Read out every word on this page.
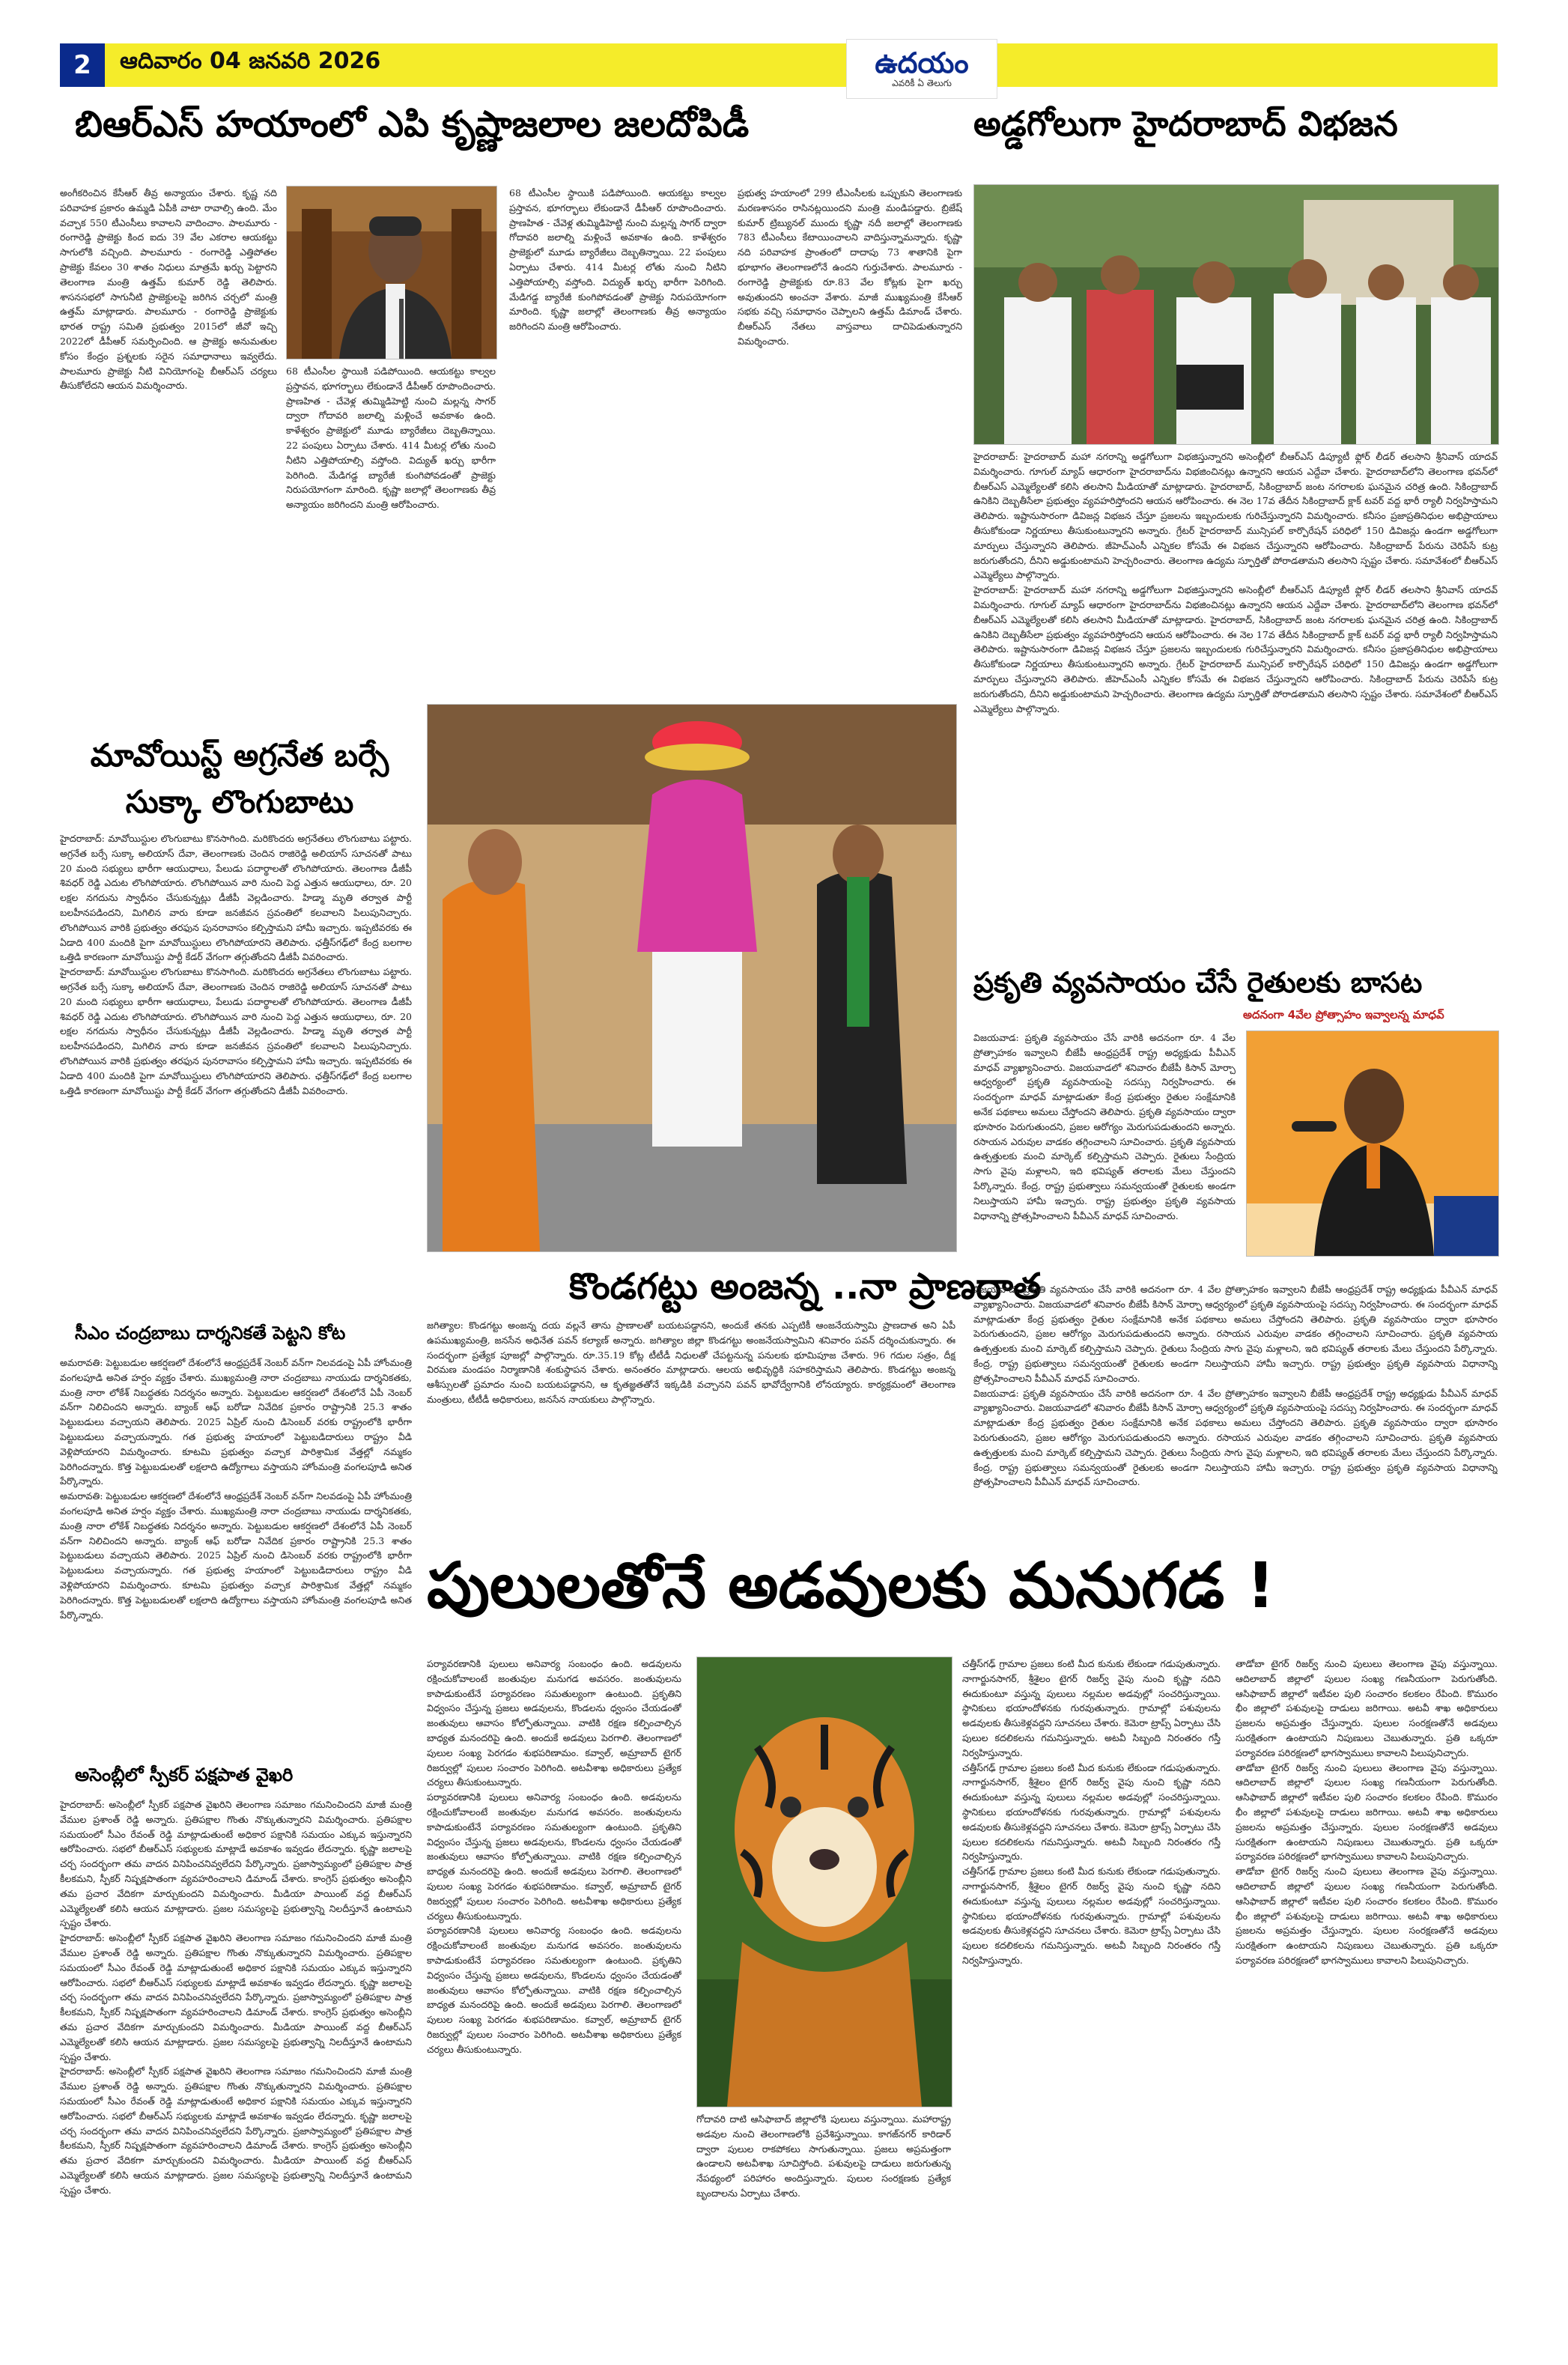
2	ఆదివారం 04 జనవరి 2026	ఉదయం
ఎవరికీ ఏ తెలుగు
బిఆర్ఎస్ హయాంలో ఎపి కృష్ణాజలాల జలదోపిడీ

అంగీకరించిన కేసీఆర్ తీవ్ర అన్యాయం చేశారు. కృష్ణ నది పరివాహక ప్రకారం ఉమ్మడి ఏపీకి వాటా రావాల్సి ఉంది. మేం వచ్చాక 550 టీఎంసీలు కావాలని వాదించాం. పాలమూరు - రంగారెడ్డి ప్రాజెక్టు కింద ఐదు 39 వేల ఎకరాల ఆయకట్టు సాగులోకి వచ్చింది. పాలమూరు - రంగారెడ్డి ఎత్తిపోతల ప్రాజెక్టు కేవలం 30 శాతం నిధులు మాత్రమే ఖర్చు పెట్టారని తెలంగాణ మంత్రి ఉత్తమ్ కుమార్ రెడ్డి తెలిపారు. శాసనసభలో సాగునీటి ప్రాజెక్టులపై జరిగిన చర్చలో మంత్రి ఉత్తమ్ మాట్లాడారు. పాలమూరు - రంగారెడ్డి ప్రాజెక్టుకు భారత రాష్ట్ర సమితి ప్రభుత్వం 2015లో జీవో ఇచ్చి 2022లో డీపీఆర్ సమర్పించింది. ఆ ప్రాజెక్టు అనుమతుల కోసం కేంద్రం ప్రశ్నలకు సరైన సమాధానాలు ఇవ్వలేదు. పాలమూరు ప్రాజెక్టు నీటి వినియోగంపై బీఆర్ఎస్ చర్యలు తీసుకోలేదని ఆయన విమర్శించారు.

68 టీఎంసీల స్థాయికి పడిపోయింది. ఆయకట్టు కాల్వల ప్రస్తావన, భూగర్భాలు లేకుండానే డీపీఆర్ రూపొందించారు. ప్రాణహిత - చేవెళ్ల తుమ్మిడిహెట్టి నుంచి మల్లన్న సాగర్ ద్వారా గోదావరి జలాల్ని మళ్లించే అవకాశం ఉంది. కాళేశ్వరం ప్రాజెక్టులో మూడు బ్యారేజీలు దెబ్బతిన్నాయి. 22 పంపులు ఏర్పాటు చేశారు. 414 మీటర్ల లోతు నుంచి నీటిని ఎత్తిపోయాల్సి వస్తోంది. విద్యుత్ ఖర్చు భారీగా పెరిగింది. మేడిగడ్డ బ్యారేజీ కుంగిపోవడంతో ప్రాజెక్టు నిరుపయోగంగా మారింది. కృష్ణా జలాల్లో తెలంగాణకు తీవ్ర అన్యాయం జరిగిందని మంత్రి ఆరోపించారు.

68 టీఎంసీల స్థాయికి పడిపోయింది. ఆయకట్టు కాల్వల ప్రస్తావన, భూగర్భాలు లేకుండానే డీపీఆర్ రూపొందించారు. ప్రాణహిత - చేవెళ్ల తుమ్మిడిహెట్టి నుంచి మల్లన్న సాగర్ ద్వారా గోదావరి జలాల్ని మళ్లించే అవకాశం ఉంది. కాళేశ్వరం ప్రాజెక్టులో మూడు బ్యారేజీలు దెబ్బతిన్నాయి. 22 పంపులు ఏర్పాటు చేశారు. 414 మీటర్ల లోతు నుంచి నీటిని ఎత్తిపోయాల్సి వస్తోంది. విద్యుత్ ఖర్చు భారీగా పెరిగింది. మేడిగడ్డ బ్యారేజీ కుంగిపోవడంతో ప్రాజెక్టు నిరుపయోగంగా మారింది. కృష్ణా జలాల్లో తెలంగాణకు తీవ్ర అన్యాయం జరిగిందని మంత్రి ఆరోపించారు.

ప్రభుత్వ హయాంలో 299 టీఎంసీలకు ఒప్పుకుని తెలంగాణకు మరణశాసనం రాసినట్లయిందని మంత్రి మండిపడ్డారు. బ్రిజేష్ కుమార్ ట్రిబ్యునల్ ముందు కృష్ణా నదీ జలాల్లో తెలంగాణకు 783 టీఎంసీలు కేటాయించాలని వాదిస్తున్నామన్నారు. కృష్ణా నది పరివాహక ప్రాంతంలో దాదాపు 73 శాతానికి పైగా భూభాగం తెలంగాణలోనే ఉందని గుర్తుచేశారు. పాలమూరు - రంగారెడ్డి ప్రాజెక్టుకు రూ.83 వేల కోట్లకు పైగా ఖర్చు అవుతుందని అంచనా వేశారు. మాజీ ముఖ్యమంత్రి కేసీఆర్ సభకు వచ్చి సమాధానం చెప్పాలని ఉత్తమ్ డిమాండ్ చేశారు. బీఆర్ఎస్ నేతలు వాస్తవాలు దాచిపెడుతున్నారని విమర్శించారు.

అడ్డగోలుగా హైదరాబాద్ విభజన

హైదరాబాద్: హైదరాబాద్ మహా నగరాన్ని అడ్డగోలుగా విభజిస్తున్నారని అసెంబ్లీలో బీఆర్ఎస్ డిప్యూటీ ఫ్లోర్ లీడర్ తలసాని శ్రీనివాస్ యాదవ్ విమర్శించారు. గూగుల్ మ్యాప్ ఆధారంగా హైదరాబాద్‌ను విభజించినట్లు ఉన్నారని ఆయన ఎద్దేవా చేశారు. హైదరాబాద్‌లోని తెలంగాణ భవన్‌లో బీఆర్ఎస్ ఎమ్మెల్యేలతో కలిసి తలసాని మీడియాతో మాట్లాడారు. హైదరాబాద్, సికింద్రాబాద్ జంట నగరాలకు ఘనమైన చరిత్ర ఉంది. సికింద్రాబాద్ ఉనికిని దెబ్బతీసేలా ప్రభుత్వం వ్యవహరిస్తోందని ఆయన ఆరోపించారు. ఈ నెల 17వ తేదీన సికింద్రాబాద్ క్లాక్ టవర్ వద్ద భారీ ర్యాలీ నిర్వహిస్తామని తెలిపారు. ఇష్టానుసారంగా డివిజన్ల విభజన చేస్తూ ప్రజలను ఇబ్బందులకు గురిచేస్తున్నారని విమర్శించారు. కనీసం ప్రజాప్రతినిధుల అభిప్రాయాలు తీసుకోకుండా నిర్ణయాలు తీసుకుంటున్నారని అన్నారు. గ్రేటర్ హైదరాబాద్ మున్సిపల్ కార్పొరేషన్ పరిధిలో 150 డివిజన్లు ఉండగా అడ్డగోలుగా మార్పులు చేస్తున్నారని తెలిపారు. జీహెచ్ఎంసీ ఎన్నికల కోసమే ఈ విభజన చేస్తున్నారని ఆరోపించారు. సికింద్రాబాద్ పేరును చెరిపేసే కుట్ర జరుగుతోందని, దీనిని అడ్డుకుంటామని హెచ్చరించారు. తెలంగాణ ఉద్యమ స్ఫూర్తితో పోరాడతామని తలసాని స్పష్టం చేశారు. సమావేశంలో బీఆర్ఎస్ ఎమ్మెల్యేలు పాల్గొన్నారు.

హైదరాబాద్: హైదరాబాద్ మహా నగరాన్ని అడ్డగోలుగా విభజిస్తున్నారని అసెంబ్లీలో బీఆర్ఎస్ డిప్యూటీ ఫ్లోర్ లీడర్ తలసాని శ్రీనివాస్ యాదవ్ విమర్శించారు. గూగుల్ మ్యాప్ ఆధారంగా హైదరాబాద్‌ను విభజించినట్లు ఉన్నారని ఆయన ఎద్దేవా చేశారు. హైదరాబాద్‌లోని తెలంగాణ భవన్‌లో బీఆర్ఎస్ ఎమ్మెల్యేలతో కలిసి తలసాని మీడియాతో మాట్లాడారు. హైదరాబాద్, సికింద్రాబాద్ జంట నగరాలకు ఘనమైన చరిత్ర ఉంది. సికింద్రాబాద్ ఉనికిని దెబ్బతీసేలా ప్రభుత్వం వ్యవహరిస్తోందని ఆయన ఆరోపించారు. ఈ నెల 17వ తేదీన సికింద్రాబాద్ క్లాక్ టవర్ వద్ద భారీ ర్యాలీ నిర్వహిస్తామని తెలిపారు. ఇష్టానుసారంగా డివిజన్ల విభజన చేస్తూ ప్రజలను ఇబ్బందులకు గురిచేస్తున్నారని విమర్శించారు. కనీసం ప్రజాప్రతినిధుల అభిప్రాయాలు తీసుకోకుండా నిర్ణయాలు తీసుకుంటున్నారని అన్నారు. గ్రేటర్ హైదరాబాద్ మున్సిపల్ కార్పొరేషన్ పరిధిలో 150 డివిజన్లు ఉండగా అడ్డగోలుగా మార్పులు చేస్తున్నారని తెలిపారు. జీహెచ్ఎంసీ ఎన్నికల కోసమే ఈ విభజన చేస్తున్నారని ఆరోపించారు. సికింద్రాబాద్ పేరును చెరిపేసే కుట్ర జరుగుతోందని, దీనిని అడ్డుకుంటామని హెచ్చరించారు. తెలంగాణ ఉద్యమ స్ఫూర్తితో పోరాడతామని తలసాని స్పష్టం చేశారు. సమావేశంలో బీఆర్ఎస్ ఎమ్మెల్యేలు పాల్గొన్నారు.

మావోయిస్ట్ అగ్రనేత బర్సే సుక్కా లొంగుబాటు

హైదరాబాద్: మావోయిస్టుల లొంగుబాటు కొనసాగింది. మరికొందరు అగ్రనేతలు లొంగుబాటు పట్టారు. అగ్రనేత బర్సే సుక్కా అలియాస్ దేవా, తెలంగాణకు చెందిన రాజిరెడ్డి అలియాస్ సూచనతో పాటు 20 మంది సభ్యులు భారీగా ఆయుధాలు, పేలుడు పదార్థాలతో లొంగిపోయారు. తెలంగాణ డీజీపీ శివధర్ రెడ్డి ఎదుట లొంగిపోయారు. లొంగిపోయిన వారి నుంచి పెద్ద ఎత్తున ఆయుధాలు, రూ. 20 లక్షల నగదును స్వాధీనం చేసుకున్నట్లు డీజీపీ వెల్లడించారు. హిడ్మా మృతి తర్వాత పార్టీ బలహీనపడిందని, మిగిలిన వారు కూడా జనజీవన స్రవంతిలో కలవాలని పిలుపునిచ్చారు. లొంగిపోయిన వారికి ప్రభుత్వం తరఫున పునరావాసం కల్పిస్తామని హామీ ఇచ్చారు. ఇప్పటివరకు ఈ ఏడాది 400 మందికి పైగా మావోయిస్టులు లొంగిపోయారని తెలిపారు. ఛత్తీస్‌గఢ్‌లో కేంద్ర బలగాల ఒత్తిడి కారణంగా మావోయిస్టు పార్టీ కేడర్ వేగంగా తగ్గుతోందని డీజీపీ వివరించారు.

హైదరాబాద్: మావోయిస్టుల లొంగుబాటు కొనసాగింది. మరికొందరు అగ్రనేతలు లొంగుబాటు పట్టారు. అగ్రనేత బర్సే సుక్కా అలియాస్ దేవా, తెలంగాణకు చెందిన రాజిరెడ్డి అలియాస్ సూచనతో పాటు 20 మంది సభ్యులు భారీగా ఆయుధాలు, పేలుడు పదార్థాలతో లొంగిపోయారు. తెలంగాణ డీజీపీ శివధర్ రెడ్డి ఎదుట లొంగిపోయారు. లొంగిపోయిన వారి నుంచి పెద్ద ఎత్తున ఆయుధాలు, రూ. 20 లక్షల నగదును స్వాధీనం చేసుకున్నట్లు డీజీపీ వెల్లడించారు. హిడ్మా మృతి తర్వాత పార్టీ బలహీనపడిందని, మిగిలిన వారు కూడా జనజీవన స్రవంతిలో కలవాలని పిలుపునిచ్చారు. లొంగిపోయిన వారికి ప్రభుత్వం తరఫున పునరావాసం కల్పిస్తామని హామీ ఇచ్చారు. ఇప్పటివరకు ఈ ఏడాది 400 మందికి పైగా మావోయిస్టులు లొంగిపోయారని తెలిపారు. ఛత్తీస్‌గఢ్‌లో కేంద్ర బలగాల ఒత్తిడి కారణంగా మావోయిస్టు పార్టీ కేడర్ వేగంగా తగ్గుతోందని డీజీపీ వివరించారు.

కొండగట్టు అంజన్న ..నా ప్రాణదాత

జగిత్యాల: కొండగట్టు అంజన్న దయ వల్లనే తాను ప్రాణాలతో బయటపడ్డానని, అందుకే తనకు ఎప్పటికీ ఆంజనేయస్వామి ప్రాణదాత అని ఏపీ ఉపముఖ్యమంత్రి, జనసేన అధినేత పవన్ కల్యాణ్ అన్నారు. జగిత్యాల జిల్లా కొండగట్టు అంజనేయస్వామిని శనివారం పవన్ దర్శించుకున్నారు. ఈ సందర్భంగా ప్రత్యేక పూజల్లో పాల్గొన్నారు. రూ.35.19 కోట్ల టీటీడీ నిధులతో చేపట్టనున్న పనులకు భూమిపూజ చేశారు. 96 గదుల సత్రం, దీక్ష విరమణ మండపం నిర్మాణానికి శంకుస్థాపన చేశారు. అనంతరం మాట్లాడారు. ఆలయ అభివృద్ధికి సహకరిస్తామని తెలిపారు. కొండగట్టు అంజన్న ఆశీస్సులతో ప్రమాదం నుంచి బయటపడ్డానని, ఆ కృతజ్ఞతతోనే ఇక్కడికి వచ్చానని పవన్ భావోద్వేగానికి లోనయ్యారు. కార్యక్రమంలో తెలంగాణ మంత్రులు, టీటీడీ అధికారులు, జనసేన నాయకులు పాల్గొన్నారు.

ప్రకృతి వ్యవసాయం చేసే రైతులకు బాసట
అదనంగా 4వేల ప్రోత్సాహం ఇవ్వాలన్న మాధవ్

విజయవాడ: ప్రకృతి వ్యవసాయం చేసే వారికి అదనంగా రూ. 4 వేల ప్రోత్సాహకం ఇవ్వాలని బీజేపీ ఆంధ్రప్రదేశ్ రాష్ట్ర అధ్యక్షుడు పీవీఎన్ మాధవ్ వ్యాఖ్యానించారు. విజయవాడలో శనివారం బీజేపీ కిసాన్ మోర్చా ఆధ్వర్యంలో ప్రకృతి వ్యవసాయంపై సదస్సు నిర్వహించారు. ఈ సందర్భంగా మాధవ్ మాట్లాడుతూ కేంద్ర ప్రభుత్వం రైతుల సంక్షేమానికి అనేక పథకాలు అమలు చేస్తోందని తెలిపారు. ప్రకృతి వ్యవసాయం ద్వారా భూసారం పెరుగుతుందని, ప్రజల ఆరోగ్యం మెరుగుపడుతుందని అన్నారు. రసాయన ఎరువుల వాడకం తగ్గించాలని సూచించారు. ప్రకృతి వ్యవసాయ ఉత్పత్తులకు మంచి మార్కెట్ కల్పిస్తామని చెప్పారు. రైతులు సేంద్రియ సాగు వైపు మళ్లాలని, ఇది భవిష్యత్ తరాలకు మేలు చేస్తుందని పేర్కొన్నారు. కేంద్ర, రాష్ట్ర ప్రభుత్వాలు సమన్వయంతో రైతులకు అండగా నిలుస్తాయని హామీ ఇచ్చారు. రాష్ట్ర ప్రభుత్వం ప్రకృతి వ్యవసాయ విధానాన్ని ప్రోత్సహించాలని పీవీఎన్ మాధవ్ సూచించారు.

విజయవాడ: ప్రకృతి వ్యవసాయం చేసే వారికి అదనంగా రూ. 4 వేల ప్రోత్సాహకం ఇవ్వాలని బీజేపీ ఆంధ్రప్రదేశ్ రాష్ట్ర అధ్యక్షుడు పీవీఎన్ మాధవ్ వ్యాఖ్యానించారు. విజయవాడలో శనివారం బీజేపీ కిసాన్ మోర్చా ఆధ్వర్యంలో ప్రకృతి వ్యవసాయంపై సదస్సు నిర్వహించారు. ఈ సందర్భంగా మాధవ్ మాట్లాడుతూ కేంద్ర ప్రభుత్వం రైతుల సంక్షేమానికి అనేక పథకాలు అమలు చేస్తోందని తెలిపారు. ప్రకృతి వ్యవసాయం ద్వారా భూసారం పెరుగుతుందని, ప్రజల ఆరోగ్యం మెరుగుపడుతుందని అన్నారు. రసాయన ఎరువుల వాడకం తగ్గించాలని సూచించారు. ప్రకృతి వ్యవసాయ ఉత్పత్తులకు మంచి మార్కెట్ కల్పిస్తామని చెప్పారు. రైతులు సేంద్రియ సాగు వైపు మళ్లాలని, ఇది భవిష్యత్ తరాలకు మేలు చేస్తుందని పేర్కొన్నారు. కేంద్ర, రాష్ట్ర ప్రభుత్వాలు సమన్వయంతో రైతులకు అండగా నిలుస్తాయని హామీ ఇచ్చారు. రాష్ట్ర ప్రభుత్వం ప్రకృతి వ్యవసాయ విధానాన్ని ప్రోత్సహించాలని పీవీఎన్ మాధవ్ సూచించారు.

విజయవాడ: ప్రకృతి వ్యవసాయం చేసే వారికి అదనంగా రూ. 4 వేల ప్రోత్సాహకం ఇవ్వాలని బీజేపీ ఆంధ్రప్రదేశ్ రాష్ట్ర అధ్యక్షుడు పీవీఎన్ మాధవ్ వ్యాఖ్యానించారు. విజయవాడలో శనివారం బీజేపీ కిసాన్ మోర్చా ఆధ్వర్యంలో ప్రకృతి వ్యవసాయంపై సదస్సు నిర్వహించారు. ఈ సందర్భంగా మాధవ్ మాట్లాడుతూ కేంద్ర ప్రభుత్వం రైతుల సంక్షేమానికి అనేక పథకాలు అమలు చేస్తోందని తెలిపారు. ప్రకృతి వ్యవసాయం ద్వారా భూసారం పెరుగుతుందని, ప్రజల ఆరోగ్యం మెరుగుపడుతుందని అన్నారు. రసాయన ఎరువుల వాడకం తగ్గించాలని సూచించారు. ప్రకృతి వ్యవసాయ ఉత్పత్తులకు మంచి మార్కెట్ కల్పిస్తామని చెప్పారు. రైతులు సేంద్రియ సాగు వైపు మళ్లాలని, ఇది భవిష్యత్ తరాలకు మేలు చేస్తుందని పేర్కొన్నారు. కేంద్ర, రాష్ట్ర ప్రభుత్వాలు సమన్వయంతో రైతులకు అండగా నిలుస్తాయని హామీ ఇచ్చారు. రాష్ట్ర ప్రభుత్వం ప్రకృతి వ్యవసాయ విధానాన్ని ప్రోత్సహించాలని పీవీఎన్ మాధవ్ సూచించారు.

సీఎం చంద్రబాబు దార్శనికతే పెట్టని కోట

అమరావతి: పెట్టుబడుల ఆకర్షణలో దేశంలోనే ఆంధ్రప్రదేశ్ నెంబర్ వన్‌గా నిలవడంపై ఏపీ హోంమంత్రి వంగలపూడి అనిత హర్షం వ్యక్తం చేశారు. ముఖ్యమంత్రి నారా చంద్రబాబు నాయుడు దార్శనికతకు, మంత్రి నారా లోకేశ్ నిబద్ధతకు నిదర్శనం అన్నారు. పెట్టుబడుల ఆకర్షణలో దేశంలోనే ఏపీ నెంబర్ వన్‌గా నిలిచిందని అన్నారు. బ్యాంక్ ఆఫ్ బరోడా నివేదిక ప్రకారం రాష్ట్రానికి 25.3 శాతం పెట్టుబడులు వచ్చాయని తెలిపారు. 2025 ఏప్రిల్ నుంచి డిసెంబర్ వరకు రాష్ట్రంలోకి భారీగా పెట్టుబడులు వచ్చాయన్నారు. గత ప్రభుత్వ హయాంలో పెట్టుబడిదారులు రాష్ట్రం వీడి వెళ్లిపోయారని విమర్శించారు. కూటమి ప్రభుత్వం వచ్చాక పారిశ్రామిక వేత్తల్లో నమ్మకం పెరిగిందన్నారు. కొత్త పెట్టుబడులతో లక్షలాది ఉద్యోగాలు వస్తాయని హోంమంత్రి వంగలపూడి అనిత పేర్కొన్నారు.

అమరావతి: పెట్టుబడుల ఆకర్షణలో దేశంలోనే ఆంధ్రప్రదేశ్ నెంబర్ వన్‌గా నిలవడంపై ఏపీ హోంమంత్రి వంగలపూడి అనిత హర్షం వ్యక్తం చేశారు. ముఖ్యమంత్రి నారా చంద్రబాబు నాయుడు దార్శనికతకు, మంత్రి నారా లోకేశ్ నిబద్ధతకు నిదర్శనం అన్నారు. పెట్టుబడుల ఆకర్షణలో దేశంలోనే ఏపీ నెంబర్ వన్‌గా నిలిచిందని అన్నారు. బ్యాంక్ ఆఫ్ బరోడా నివేదిక ప్రకారం రాష్ట్రానికి 25.3 శాతం పెట్టుబడులు వచ్చాయని తెలిపారు. 2025 ఏప్రిల్ నుంచి డిసెంబర్ వరకు రాష్ట్రంలోకి భారీగా పెట్టుబడులు వచ్చాయన్నారు. గత ప్రభుత్వ హయాంలో పెట్టుబడిదారులు రాష్ట్రం వీడి వెళ్లిపోయారని విమర్శించారు. కూటమి ప్రభుత్వం వచ్చాక పారిశ్రామిక వేత్తల్లో నమ్మకం పెరిగిందన్నారు. కొత్త పెట్టుబడులతో లక్షలాది ఉద్యోగాలు వస్తాయని హోంమంత్రి వంగలపూడి అనిత పేర్కొన్నారు.

అసెంబ్లీలో స్పీకర్ పక్షపాత వైఖరి

హైదరాబాద్: అసెంబ్లీలో స్పీకర్ పక్షపాత వైఖరిని తెలంగాణ సమాజం గమనించిందని మాజీ మంత్రి వేముల ప్రశాంత్ రెడ్డి అన్నారు. ప్రతిపక్షాల గొంతు నొక్కుతున్నారని విమర్శించారు. ప్రతిపక్షాల సమయంలో సీఎం రేవంత్ రెడ్డి మాట్లాడుతుంటే అధికార పక్షానికి సమయం ఎక్కువ ఇస్తున్నారని ఆరోపించారు. సభలో బీఆర్ఎస్ సభ్యులకు మాట్లాడే అవకాశం ఇవ్వడం లేదన్నారు. కృష్ణా జలాలపై చర్చ సందర్భంగా తమ వాదన వినిపించనివ్వలేదని పేర్కొన్నారు. ప్రజాస్వామ్యంలో ప్రతిపక్షాల పాత్ర కీలకమని, స్పీకర్ నిష్పక్షపాతంగా వ్యవహరించాలని డిమాండ్ చేశారు. కాంగ్రెస్ ప్రభుత్వం అసెంబ్లీని తమ ప్రచార వేదికగా మార్చుకుందని విమర్శించారు. మీడియా పాయింట్ వద్ద బీఆర్ఎస్ ఎమ్మెల్యేలతో కలిసి ఆయన మాట్లాడారు. ప్రజల సమస్యలపై ప్రభుత్వాన్ని నిలదీస్తూనే ఉంటామని స్పష్టం చేశారు.

హైదరాబాద్: అసెంబ్లీలో స్పీకర్ పక్షపాత వైఖరిని తెలంగాణ సమాజం గమనించిందని మాజీ మంత్రి వేముల ప్రశాంత్ రెడ్డి అన్నారు. ప్రతిపక్షాల గొంతు నొక్కుతున్నారని విమర్శించారు. ప్రతిపక్షాల సమయంలో సీఎం రేవంత్ రెడ్డి మాట్లాడుతుంటే అధికార పక్షానికి సమయం ఎక్కువ ఇస్తున్నారని ఆరోపించారు. సభలో బీఆర్ఎస్ సభ్యులకు మాట్లాడే అవకాశం ఇవ్వడం లేదన్నారు. కృష్ణా జలాలపై చర్చ సందర్భంగా తమ వాదన వినిపించనివ్వలేదని పేర్కొన్నారు. ప్రజాస్వామ్యంలో ప్రతిపక్షాల పాత్ర కీలకమని, స్పీకర్ నిష్పక్షపాతంగా వ్యవహరించాలని డిమాండ్ చేశారు. కాంగ్రెస్ ప్రభుత్వం అసెంబ్లీని తమ ప్రచార వేదికగా మార్చుకుందని విమర్శించారు. మీడియా పాయింట్ వద్ద బీఆర్ఎస్ ఎమ్మెల్యేలతో కలిసి ఆయన మాట్లాడారు. ప్రజల సమస్యలపై ప్రభుత్వాన్ని నిలదీస్తూనే ఉంటామని స్పష్టం చేశారు.

హైదరాబాద్: అసెంబ్లీలో స్పీకర్ పక్షపాత వైఖరిని తెలంగాణ సమాజం గమనించిందని మాజీ మంత్రి వేముల ప్రశాంత్ రెడ్డి అన్నారు. ప్రతిపక్షాల గొంతు నొక్కుతున్నారని విమర్శించారు. ప్రతిపక్షాల సమయంలో సీఎం రేవంత్ రెడ్డి మాట్లాడుతుంటే అధికార పక్షానికి సమయం ఎక్కువ ఇస్తున్నారని ఆరోపించారు. సభలో బీఆర్ఎస్ సభ్యులకు మాట్లాడే అవకాశం ఇవ్వడం లేదన్నారు. కృష్ణా జలాలపై చర్చ సందర్భంగా తమ వాదన వినిపించనివ్వలేదని పేర్కొన్నారు. ప్రజాస్వామ్యంలో ప్రతిపక్షాల పాత్ర కీలకమని, స్పీకర్ నిష్పక్షపాతంగా వ్యవహరించాలని డిమాండ్ చేశారు. కాంగ్రెస్ ప్రభుత్వం అసెంబ్లీని తమ ప్రచార వేదికగా మార్చుకుందని విమర్శించారు. మీడియా పాయింట్ వద్ద బీఆర్ఎస్ ఎమ్మెల్యేలతో కలిసి ఆయన మాట్లాడారు. ప్రజల సమస్యలపై ప్రభుత్వాన్ని నిలదీస్తూనే ఉంటామని స్పష్టం చేశారు.

పులులతోనే అడవులకు మనుగడ !

పర్యావరణానికి పులులు అనివార్య సంబంధం ఉంది. అడవులను రక్షించుకోవాలంటే జంతువుల మనుగడ అవసరం. జంతువులను కాపాడుకుంటేనే పర్యావరణం సమతుల్యంగా ఉంటుంది. ప్రకృతిని విధ్వంసం చేస్తున్న ప్రజలు అడవులను, కొండలను ధ్వంసం చేయడంతో జంతువులు ఆవాసం కోల్పోతున్నాయి. వాటికి రక్షణ కల్పించాల్సిన బాధ్యత మనందరిపై ఉంది. అందుకే అడవులు పెరగాలి. తెలంగాణలో పులుల సంఖ్య పెరగడం శుభపరిణామం. కవ్వాల్, అమ్రాబాద్ టైగర్ రిజర్వుల్లో పులుల సంచారం పెరిగింది. అటవీశాఖ అధికారులు ప్రత్యేక చర్యలు తీసుకుంటున్నారు.

పర్యావరణానికి పులులు అనివార్య సంబంధం ఉంది. అడవులను రక్షించుకోవాలంటే జంతువుల మనుగడ అవసరం. జంతువులను కాపాడుకుంటేనే పర్యావరణం సమతుల్యంగా ఉంటుంది. ప్రకృతిని విధ్వంసం చేస్తున్న ప్రజలు అడవులను, కొండలను ధ్వంసం చేయడంతో జంతువులు ఆవాసం కోల్పోతున్నాయి. వాటికి రక్షణ కల్పించాల్సిన బాధ్యత మనందరిపై ఉంది. అందుకే అడవులు పెరగాలి. తెలంగాణలో పులుల సంఖ్య పెరగడం శుభపరిణామం. కవ్వాల్, అమ్రాబాద్ టైగర్ రిజర్వుల్లో పులుల సంచారం పెరిగింది. అటవీశాఖ అధికారులు ప్రత్యేక చర్యలు తీసుకుంటున్నారు.

పర్యావరణానికి పులులు అనివార్య సంబంధం ఉంది. అడవులను రక్షించుకోవాలంటే జంతువుల మనుగడ అవసరం. జంతువులను కాపాడుకుంటేనే పర్యావరణం సమతుల్యంగా ఉంటుంది. ప్రకృతిని విధ్వంసం చేస్తున్న ప్రజలు అడవులను, కొండలను ధ్వంసం చేయడంతో జంతువులు ఆవాసం కోల్పోతున్నాయి. వాటికి రక్షణ కల్పించాల్సిన బాధ్యత మనందరిపై ఉంది. అందుకే అడవులు పెరగాలి. తెలంగాణలో పులుల సంఖ్య పెరగడం శుభపరిణామం. కవ్వాల్, అమ్రాబాద్ టైగర్ రిజర్వుల్లో పులుల సంచారం పెరిగింది. అటవీశాఖ అధికారులు ప్రత్యేక చర్యలు తీసుకుంటున్నారు.

గోదావరి దాటి ఆసిఫాబాద్ జిల్లాలోకి పులులు వస్తున్నాయి. మహారాష్ట్ర అడవుల నుంచి తెలంగాణలోకి ప్రవేశిస్తున్నాయి. కాగజ్‌నగర్ కారిడార్ ద్వారా పులుల రాకపోకలు సాగుతున్నాయి. ప్రజలు అప్రమత్తంగా ఉండాలని అటవీశాఖ సూచిస్తోంది. పశువులపై దాడులు జరుగుతున్న నేపథ్యంలో పరిహారం అందిస్తున్నారు. పులుల సంరక్షణకు ప్రత్యేక బృందాలను ఏర్పాటు చేశారు.

చత్తీస్‌గఢ్ గ్రామాల ప్రజలు కంటి మీద కునుకు లేకుండా గడుపుతున్నారు. నాగార్జునసాగర్, శ్రీశైలం టైగర్ రిజర్వ్ వైపు నుంచి కృష్ణా నదిని ఈదుకుంటూ వస్తున్న పులులు నల్లమల అడవుల్లో సంచరిస్తున్నాయి. స్థానికులు భయాందోళనకు గురవుతున్నారు. గ్రామాల్లో పశువులను అడవులకు తీసుకెళ్లవద్దని సూచనలు చేశారు. కెమెరా ట్రాప్స్ ఏర్పాటు చేసి పులుల కదలికలను గమనిస్తున్నారు. అటవీ సిబ్బంది నిరంతరం గస్తీ నిర్వహిస్తున్నారు.

చత్తీస్‌గఢ్ గ్రామాల ప్రజలు కంటి మీద కునుకు లేకుండా గడుపుతున్నారు. నాగార్జునసాగర్, శ్రీశైలం టైగర్ రిజర్వ్ వైపు నుంచి కృష్ణా నదిని ఈదుకుంటూ వస్తున్న పులులు నల్లమల అడవుల్లో సంచరిస్తున్నాయి. స్థానికులు భయాందోళనకు గురవుతున్నారు. గ్రామాల్లో పశువులను అడవులకు తీసుకెళ్లవద్దని సూచనలు చేశారు. కెమెరా ట్రాప్స్ ఏర్పాటు చేసి పులుల కదలికలను గమనిస్తున్నారు. అటవీ సిబ్బంది నిరంతరం గస్తీ నిర్వహిస్తున్నారు.

చత్తీస్‌గఢ్ గ్రామాల ప్రజలు కంటి మీద కునుకు లేకుండా గడుపుతున్నారు. నాగార్జునసాగర్, శ్రీశైలం టైగర్ రిజర్వ్ వైపు నుంచి కృష్ణా నదిని ఈదుకుంటూ వస్తున్న పులులు నల్లమల అడవుల్లో సంచరిస్తున్నాయి. స్థానికులు భయాందోళనకు గురవుతున్నారు. గ్రామాల్లో పశువులను అడవులకు తీసుకెళ్లవద్దని సూచనలు చేశారు. కెమెరా ట్రాప్స్ ఏర్పాటు చేసి పులుల కదలికలను గమనిస్తున్నారు. అటవీ సిబ్బంది నిరంతరం గస్తీ నిర్వహిస్తున్నారు.

తాడోబా టైగర్ రిజర్వ్ నుంచి పులులు తెలంగాణ వైపు వస్తున్నాయి. ఆదిలాబాద్ జిల్లాలో పులుల సంఖ్య గణనీయంగా పెరుగుతోంది. ఆసిఫాబాద్ జిల్లాలో ఇటీవల పులి సంచారం కలకలం రేపింది. కొమురం భీం జిల్లాలో పశువులపై దాడులు జరిగాయి. అటవీ శాఖ అధికారులు ప్రజలను అప్రమత్తం చేస్తున్నారు. పులుల సంరక్షణతోనే అడవులు సురక్షితంగా ఉంటాయని నిపుణులు చెబుతున్నారు. ప్రతి ఒక్కరూ పర్యావరణ పరిరక్షణలో భాగస్వాములు కావాలని పిలుపునిచ్చారు.

తాడోబా టైగర్ రిజర్వ్ నుంచి పులులు తెలంగాణ వైపు వస్తున్నాయి. ఆదిలాబాద్ జిల్లాలో పులుల సంఖ్య గణనీయంగా పెరుగుతోంది. ఆసిఫాబాద్ జిల్లాలో ఇటీవల పులి సంచారం కలకలం రేపింది. కొమురం భీం జిల్లాలో పశువులపై దాడులు జరిగాయి. అటవీ శాఖ అధికారులు ప్రజలను అప్రమత్తం చేస్తున్నారు. పులుల సంరక్షణతోనే అడవులు సురక్షితంగా ఉంటాయని నిపుణులు చెబుతున్నారు. ప్రతి ఒక్కరూ పర్యావరణ పరిరక్షణలో భాగస్వాములు కావాలని పిలుపునిచ్చారు.

తాడోబా టైగర్ రిజర్వ్ నుంచి పులులు తెలంగాణ వైపు వస్తున్నాయి. ఆదిలాబాద్ జిల్లాలో పులుల సంఖ్య గణనీయంగా పెరుగుతోంది. ఆసిఫాబాద్ జిల్లాలో ఇటీవల పులి సంచారం కలకలం రేపింది. కొమురం భీం జిల్లాలో పశువులపై దాడులు జరిగాయి. అటవీ శాఖ అధికారులు ప్రజలను అప్రమత్తం చేస్తున్నారు. పులుల సంరక్షణతోనే అడవులు సురక్షితంగా ఉంటాయని నిపుణులు చెబుతున్నారు. ప్రతి ఒక్కరూ పర్యావరణ పరిరక్షణలో భాగస్వాములు కావాలని పిలుపునిచ్చారు.
